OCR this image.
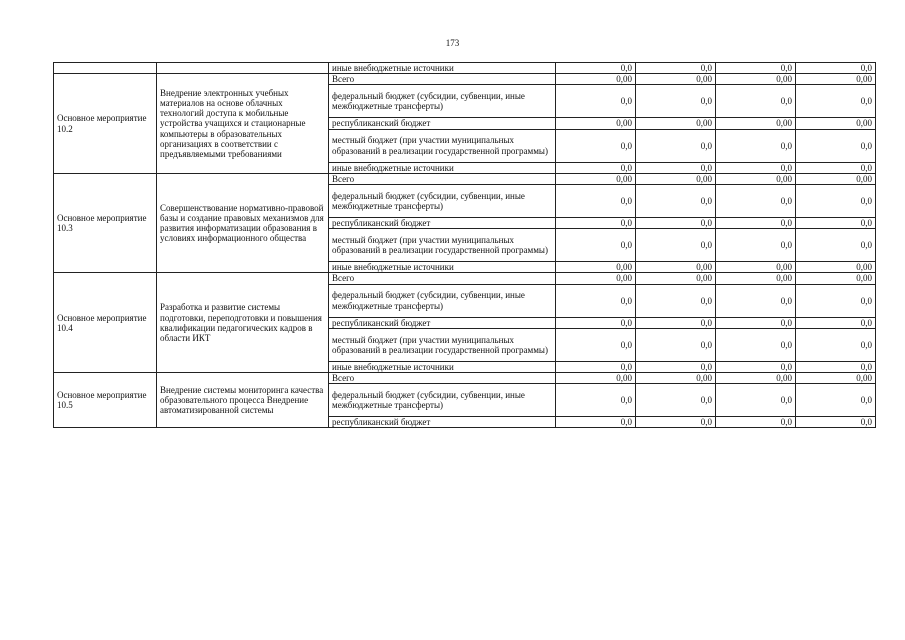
173
		иные внебюджетные источники	0,0	0,0	0,0	0,0
Основное мероприятие 10.2	Внедрение электронных учебных материалов на основе облачных технологий доступа к мобильные устройства учащихся и стационарные компьютеры в образовательных организациях в соответствии с предъявляемыми требованиями	Всего	0,00	0,00	0,00	0,00
		федеральный бюджет (субсидии, субвенции, иные межбюджетные трансферты)	0,0	0,0	0,0	0,0
		республиканский бюджет	0,00	0,00	0,00	0,00
		местный бюджет (при участии муниципальных образований в реализации государственной программы)	0,0	0,0	0,0	0,0
		иные внебюджетные источники	0,0	0,0	0,0	0,0
Основное мероприятие 10.3	Совершенствование нормативно-правовой базы и создание правовых механизмов для развития информатизации образования в условиях информационного общества	Всего	0,00	0,00	0,00	0,00
		федеральный бюджет (субсидии, субвенции, иные межбюджетные трансферты)	0,0	0,0	0,0	0,0
		республиканский бюджет	0,0	0,0	0,0	0,0
		местный бюджет (при участии муниципальных образований в реализации государственной программы)	0,0	0,0	0,0	0,0
		иные внебюджетные источники	0,00	0,00	0,00	0,00
Основное мероприятие 10.4	Разработка и развитие системы подготовки, переподготовки и повышения квалификации педагогических кадров в области ИКТ	Всего	0,00	0,00	0,00	0,00
		федеральный бюджет (субсидии, субвенции, иные межбюджетные трансферты)	0,0	0,0	0,0	0,0
		республиканский бюджет	0,0	0,0	0,0	0,0
		местный бюджет (при участии муниципальных образований в реализации государственной программы)	0,0	0,0	0,0	0,0
		иные внебюджетные источники	0,0	0,0	0,0	0,0
Основное мероприятие 10.5	Внедрение системы мониторинга качества образовательного процесса Внедрение автоматизированной системы	Всего	0,00	0,00	0,00	0,00
		федеральный бюджет (субсидии, субвенции, иные межбюджетные трансферты)	0,0	0,0	0,0	0,0
		республиканский бюджет	0,0	0,0	0,0	0,0
